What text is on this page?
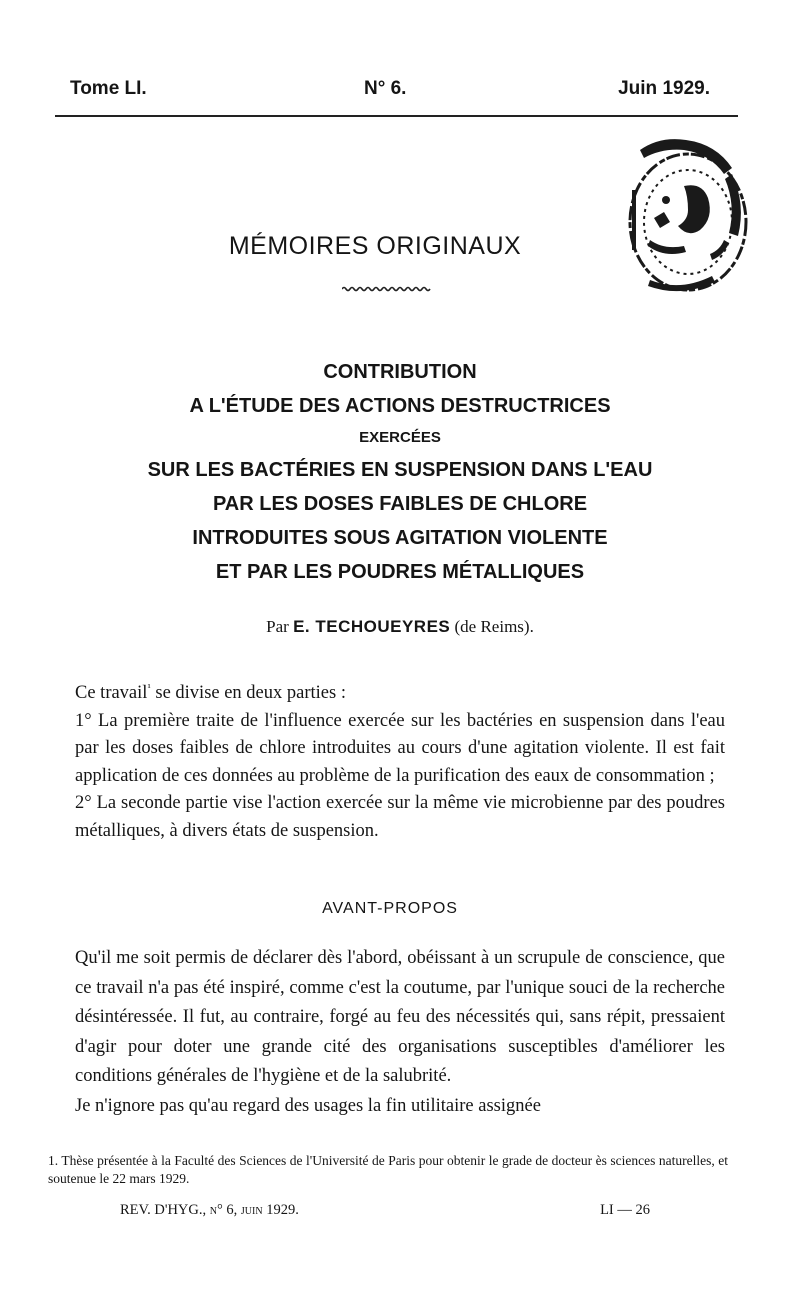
Tome LI.	N° 6.	Juin 1929.
MÉMOIRES ORIGINAUX
CONTRIBUTION
A L'ÉTUDE DES ACTIONS DESTRUCTRICES
EXERCÉES
SUR LES BACTÉRIES EN SUSPENSION DANS L'EAU
PAR LES DOSES FAIBLES DE CHLORE
INTRODUITES SOUS AGITATION VIOLENTE
ET PAR LES POUDRES MÉTALLIQUES
Par E. TECHOUEYRES (de Reims).

Ce travail$^{^1}$ se divise en deux parties :

1° La première traite de l'influence exercée sur les bactéries en suspension dans l'eau par les doses faibles de chlore introduites au cours d'une agitation violente. Il est fait application de ces données au problème de la purification des eaux de consommation ;

2° La seconde partie vise l'action exercée sur la même vie microbienne par des poudres métalliques, à divers états de suspension.

AVANT-PROPOS

Qu'il me soit permis de déclarer dès l'abord, obéissant à un scrupule de conscience, que ce travail n'a pas été inspiré, comme c'est la coutume, par l'unique souci de la recherche désintéressée. Il fut, au contraire, forgé au feu des nécessités qui, sans répit, pressaient d'agir pour doter une grande cité des organisations susceptibles d'améliorer les conditions générales de l'hygiène et de la salubrité.

Je n'ignore pas qu'au regard des usages la fin utilitaire assignée

1. Thèse présentée à la Faculté des Sciences de l'Université de Paris pour obtenir le grade de docteur ès sciences naturelles, et soutenue le 22 mars 1929.
REV. D'HYG., n° 6, juin 1929.	LI — 26
